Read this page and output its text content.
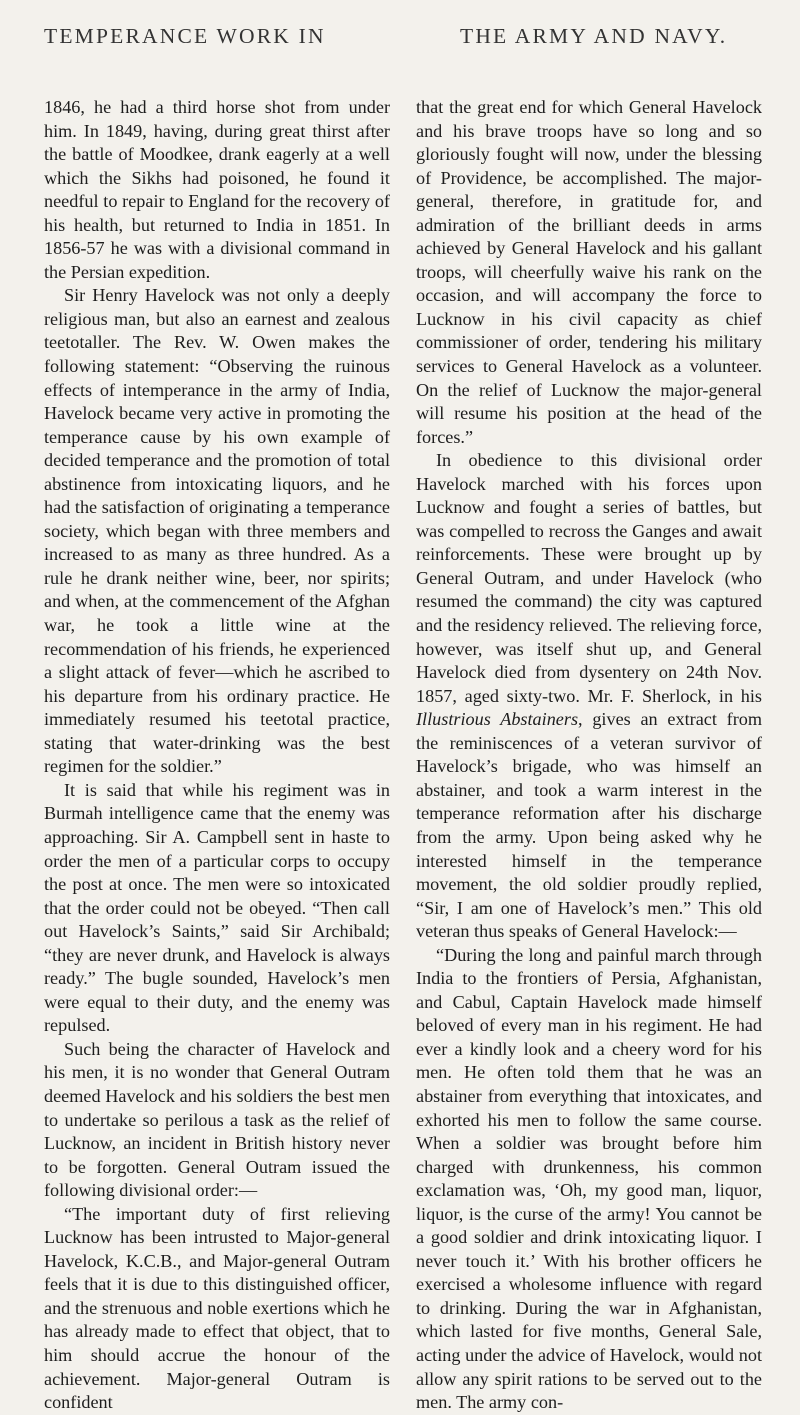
TEMPERANCE WORK IN	THE ARMY AND NAVY.

1846, he had a third horse shot from under him. In 1849, having, during great thirst after the battle of Moodkee, drank eagerly at a well which the Sikhs had poisoned, he found it needful to repair to England for the recovery of his health, but returned to India in 1851. In 1856-57 he was with a divisional command in the Persian expedition.

Sir Henry Havelock was not only a deeply religious man, but also an earnest and zealous teetotaller. The Rev. W. Owen makes the following statement: “Observing the ruinous effects of intemperance in the army of India, Havelock became very active in promoting the temperance cause by his own example of decided temperance and the promotion of total abstinence from intoxicating liquors, and he had the satisfaction of originating a temperance society, which began with three members and increased to as many as three hundred. As a rule he drank neither wine, beer, nor spirits; and when, at the commencement of the Afghan war, he took a little wine at the recommendation of his friends, he experienced a slight attack of fever—which he ascribed to his departure from his ordinary practice. He immediately resumed his teetotal practice, stating that water-drinking was the best regimen for the soldier.”

It is said that while his regiment was in Burmah intelligence came that the enemy was approaching. Sir A. Campbell sent in haste to order the men of a particular corps to occupy the post at once. The men were so intoxicated that the order could not be obeyed. “Then call out Havelock’s Saints,” said Sir Archibald; “they are never drunk, and Havelock is always ready.” The bugle sounded, Havelock’s men were equal to their duty, and the enemy was repulsed.

Such being the character of Havelock and his men, it is no wonder that General Outram deemed Havelock and his soldiers the best men to undertake so perilous a task as the relief of Lucknow, an incident in British history never to be forgotten. General Outram issued the following divisional order:—

“The important duty of first relieving Lucknow has been intrusted to Major-general Havelock, K.C.B., and Major-general Outram feels that it is due to this distinguished officer, and the strenuous and noble exertions which he has already made to effect that object, that to him should accrue the honour of the achievement. Major-general Outram is confident

that the great end for which General Havelock and his brave troops have so long and so gloriously fought will now, under the blessing of Providence, be accomplished. The major-general, therefore, in gratitude for, and admiration of the brilliant deeds in arms achieved by General Havelock and his gallant troops, will cheerfully waive his rank on the occasion, and will accompany the force to Lucknow in his civil capacity as chief commissioner of order, tendering his military services to General Havelock as a volunteer. On the relief of Lucknow the major-general will resume his position at the head of the forces.”

In obedience to this divisional order Havelock marched with his forces upon Lucknow and fought a series of battles, but was compelled to recross the Ganges and await reinforcements. These were brought up by General Outram, and under Havelock (who resumed the command) the city was captured and the residency relieved. The relieving force, however, was itself shut up, and General Havelock died from dysentery on 24th Nov. 1857, aged sixty-two. Mr. F. Sherlock, in his Illustrious Abstainers, gives an extract from the reminiscences of a veteran survivor of Havelock’s brigade, who was himself an abstainer, and took a warm interest in the temperance reformation after his discharge from the army. Upon being asked why he interested himself in the temperance movement, the old soldier proudly replied, “Sir, I am one of Havelock’s men.” This old veteran thus speaks of General Havelock:—

“During the long and painful march through India to the frontiers of Persia, Afghanistan, and Cabul, Captain Havelock made himself beloved of every man in his regiment. He had ever a kindly look and a cheery word for his men. He often told them that he was an abstainer from everything that intoxicates, and exhorted his men to follow the same course. When a soldier was brought before him charged with drunkenness, his common exclamation was, ‘Oh, my good man, liquor, liquor, is the curse of the army! You cannot be a good soldier and drink intoxicating liquor. I never touch it.’ With his brother officers he exercised a wholesome influence with regard to drinking. During the war in Afghanistan, which lasted for five months, General Sale, acting under the advice of Havelock, would not allow any spirit rations to be served out to the men. The army con-
